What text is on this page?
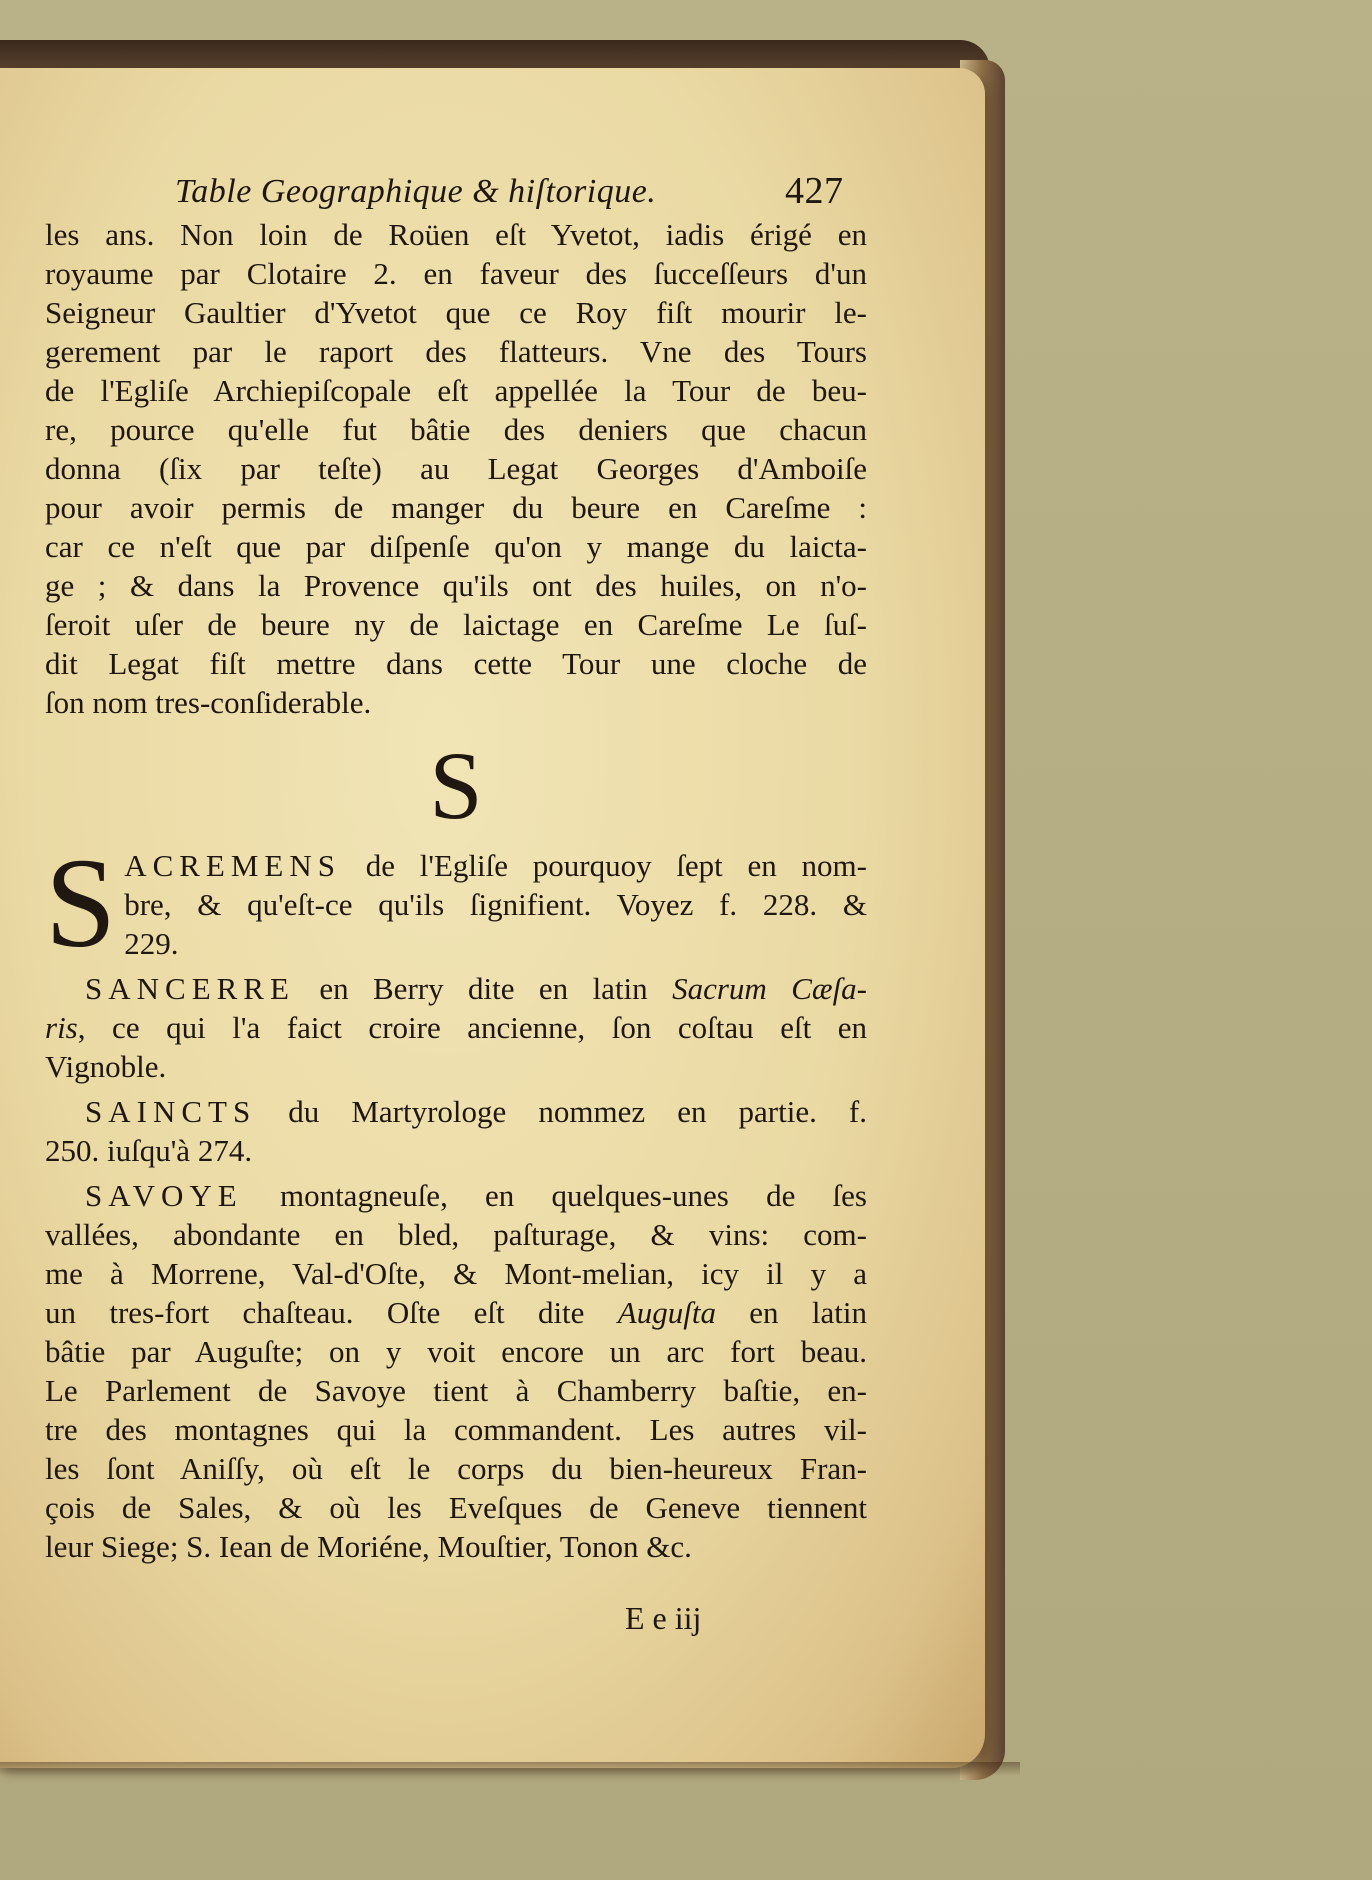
Table Geographique & hiſtorique.	427
les ans. Non loin de Roüen eſt Yvetot, iadis érigé en
royaume par Clotaire 2. en faveur des ſucceſſeurs d'un
Seigneur Gaultier d'Yvetot que ce Roy fiſt mourir le-
gerement par le raport des flatteurs. Vne des Tours
de l'Egliſe Archiepiſcopale eſt appellée la Tour de beu-
re, pource qu'elle fut bâtie des deniers que chacun
donna (ſix par teſte) au Legat Georges d'Amboiſe
pour avoir permis de manger du beure en Careſme :
car ce n'eſt que par diſpenſe qu'on y mange du laictа-
ge ; & dans la Provence qu'ils ont des huiles, on n'o-
ſeroit uſer de beure ny de laictage en Careſme Le ſuſ-
dit Legat fiſt mettre dans cette Tour une cloche de
ſon nom tres-conſiderable.
S
S ACREMENS de l'Egliſe pourquoy ſept en nom-
bre, & qu'eſt-ce qu'ils ſignifient. Voyez f. 228. &
229.
SANCERRE en Berry dite en latin Sacrum Cæſa-
ris, ce qui l'a faict croire ancienne, ſon coſtau eſt en
Vignoble.
SAINCTS du Martyrologe nommez en partie. f.
250. iuſqu'à 274.
SAVOYE montagneuſe, en quelques-unes de ſes
vallées, abondante en bled, paſturage, & vins: com-
me à Morrene, Val-d'Oſte, & Mont-melian, icy il y a
un tres-fort chaſteau. Oſte eſt dite Auguſta en latin
bâtie par Auguſte; on y voit encore un arc fort beau.
Le Parlement de Savoye tient à Chamberry baſtie, en-
tre des montagnes qui la commandent. Les autres vil-
les ſont Aniſſy, où eſt le corps du bien-heureux Fran-
çois de Sales, & où les Eveſques de Geneve tiennent
leur Siege; S. Iean de Moriéne, Mouſtier, Tonon &c.
E e iij
